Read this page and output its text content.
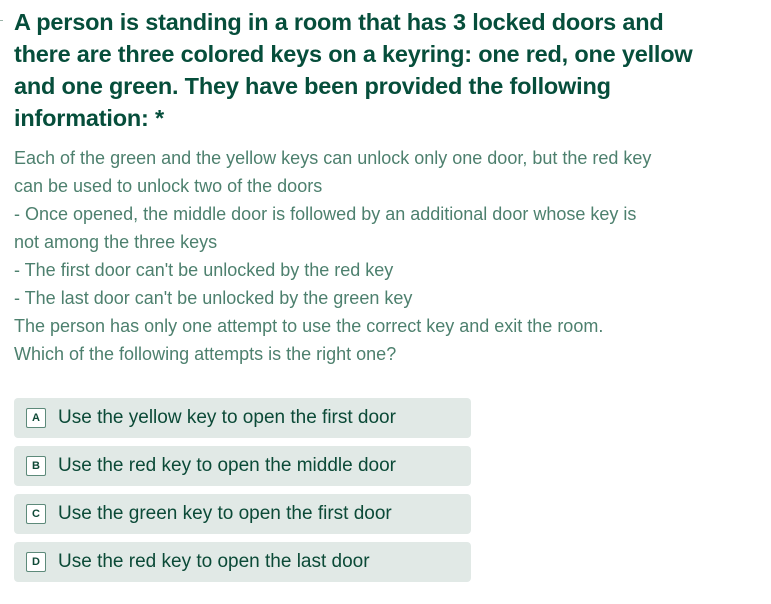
A person is standing in a room that has 3 locked doors and
there are three colored keys on a keyring: one red, one yellow
and one green. They have been provided the following
information: *
Each of the green and the yellow keys can unlock only one door, but the red key
can be used to unlock two of the doors
- Once opened, the middle door is followed by an additional door whose key is
not among the three keys
- The first door can't be unlocked by the red key
- The last door can't be unlocked by the green key
The person has only one attempt to use the correct key and exit the room.
Which of the following attempts is the right one?
A Use the yellow key to open the first door
B Use the red key to open the middle door
C Use the green key to open the first door
D Use the red key to open the last door
